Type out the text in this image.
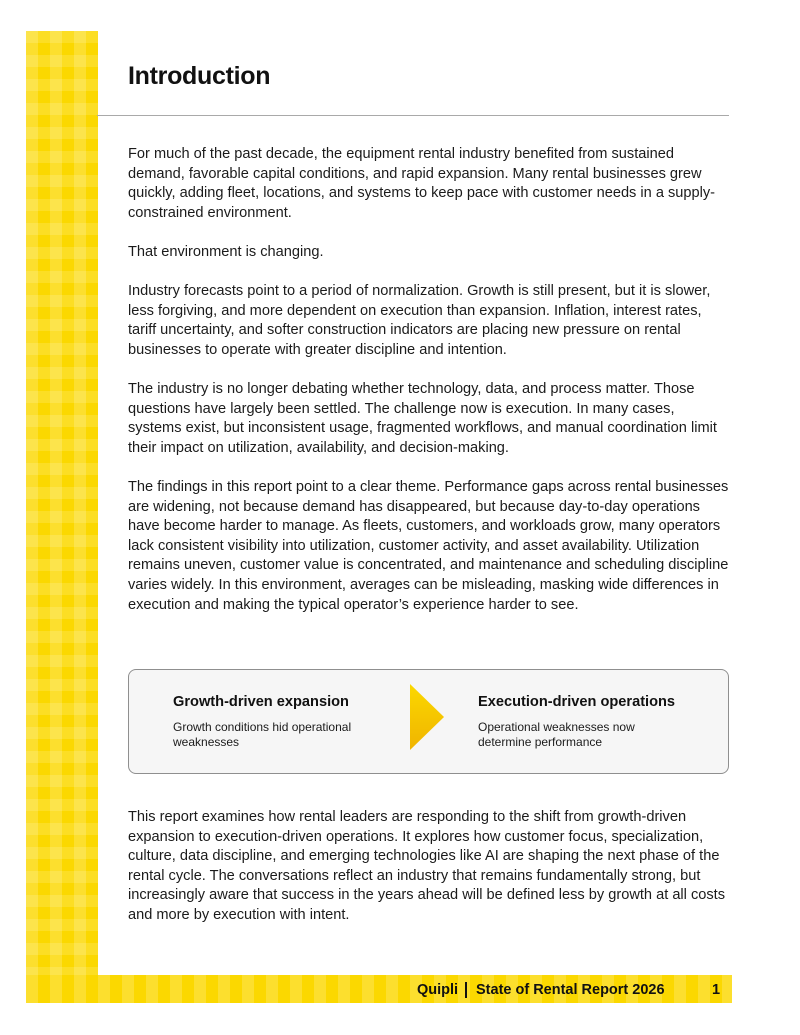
Introduction

For much of the past decade, the equipment rental industry benefited from sustained demand, favorable capital conditions, and rapid expansion. Many rental businesses grew quickly, adding fleet, locations, and systems to keep pace with customer needs in a supply-constrained environment.

That environment is changing.

Industry forecasts point to a period of normalization. Growth is still present, but it is slower, less forgiving, and more dependent on execution than expansion. Inflation, interest rates, tariff uncertainty, and softer construction indicators are placing new pressure on rental businesses to operate with greater discipline and intention.

The industry is no longer debating whether technology, data, and process matter. Those questions have largely been settled. The challenge now is execution. In many cases, systems exist, but inconsistent usage, fragmented workflows, and manual coordination limit their impact on utilization, availability, and decision-making.

The findings in this report point to a clear theme. Performance gaps across rental businesses are widening, not because demand has disappeared, but because day-to-day operations have become harder to manage. As fleets, customers, and workloads grow, many operators lack consistent visibility into utilization, customer activity, and asset availability. Utilization remains uneven, customer value is concentrated, and maintenance and scheduling discipline varies widely. In this environment, averages can be misleading, masking wide differences in execution and making the typical operator’s experience harder to see.

Growth-driven expansion

Growth conditions hid operational weaknesses

Execution-driven operations

Operational weaknesses now determine performance

This report examines how rental leaders are responding to the shift from growth-driven expansion to execution-driven operations. It explores how customer focus, specialization, culture, data discipline, and emerging technologies like AI are shaping the next phase of the rental cycle. The conversations reflect an industry that remains fundamentally strong, but increasingly aware that success in the years ahead will be defined less by growth at all costs and more by execution with intent.

Quipli State of Rental Report 2026	1
